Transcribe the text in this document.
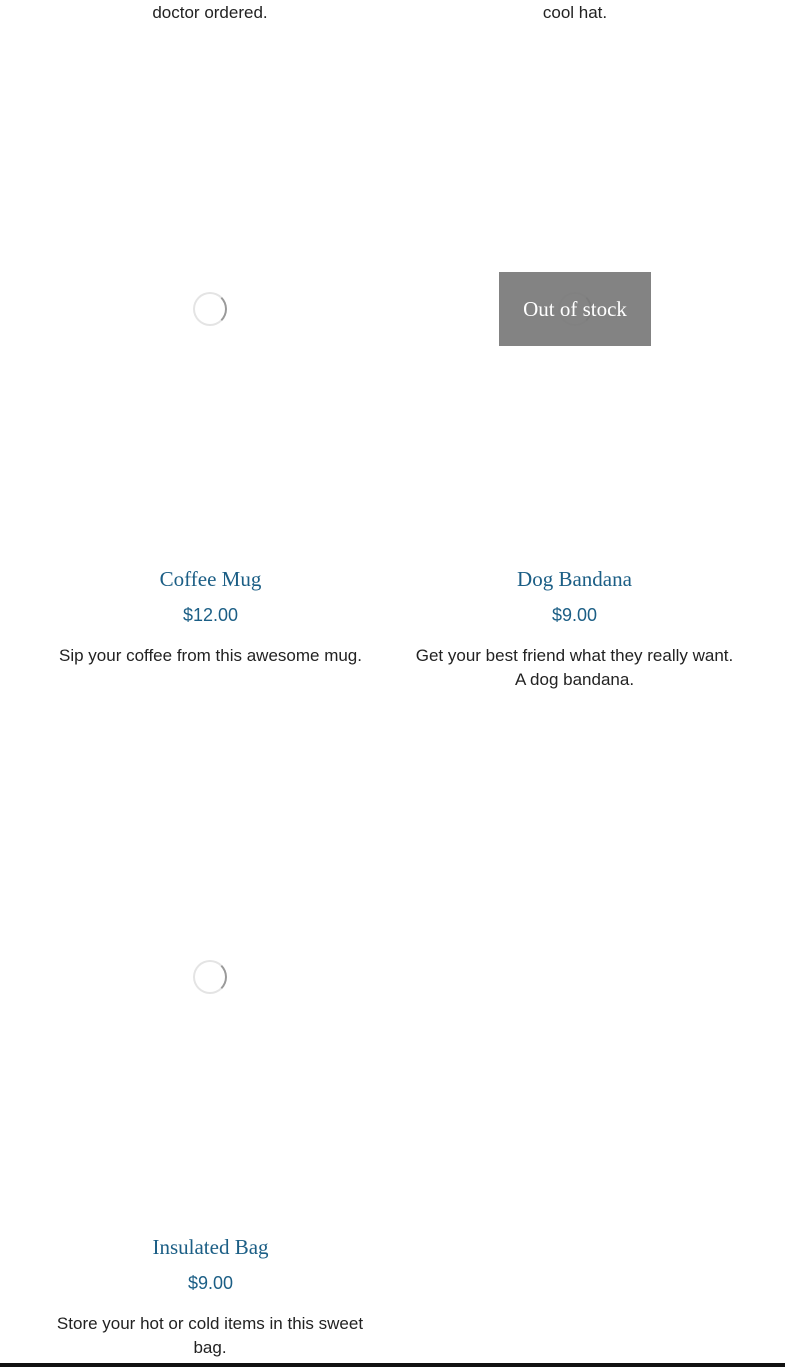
doctor ordered.	cool hat.
Coffee Mug
$12.00
Sip your coffee from this awesome mug.
Out of stock
Dog Bandana
$9.00
Get your best friend what they really want. A dog bandana.
Insulated Bag
$9.00
Store your hot or cold items in this sweet bag.
